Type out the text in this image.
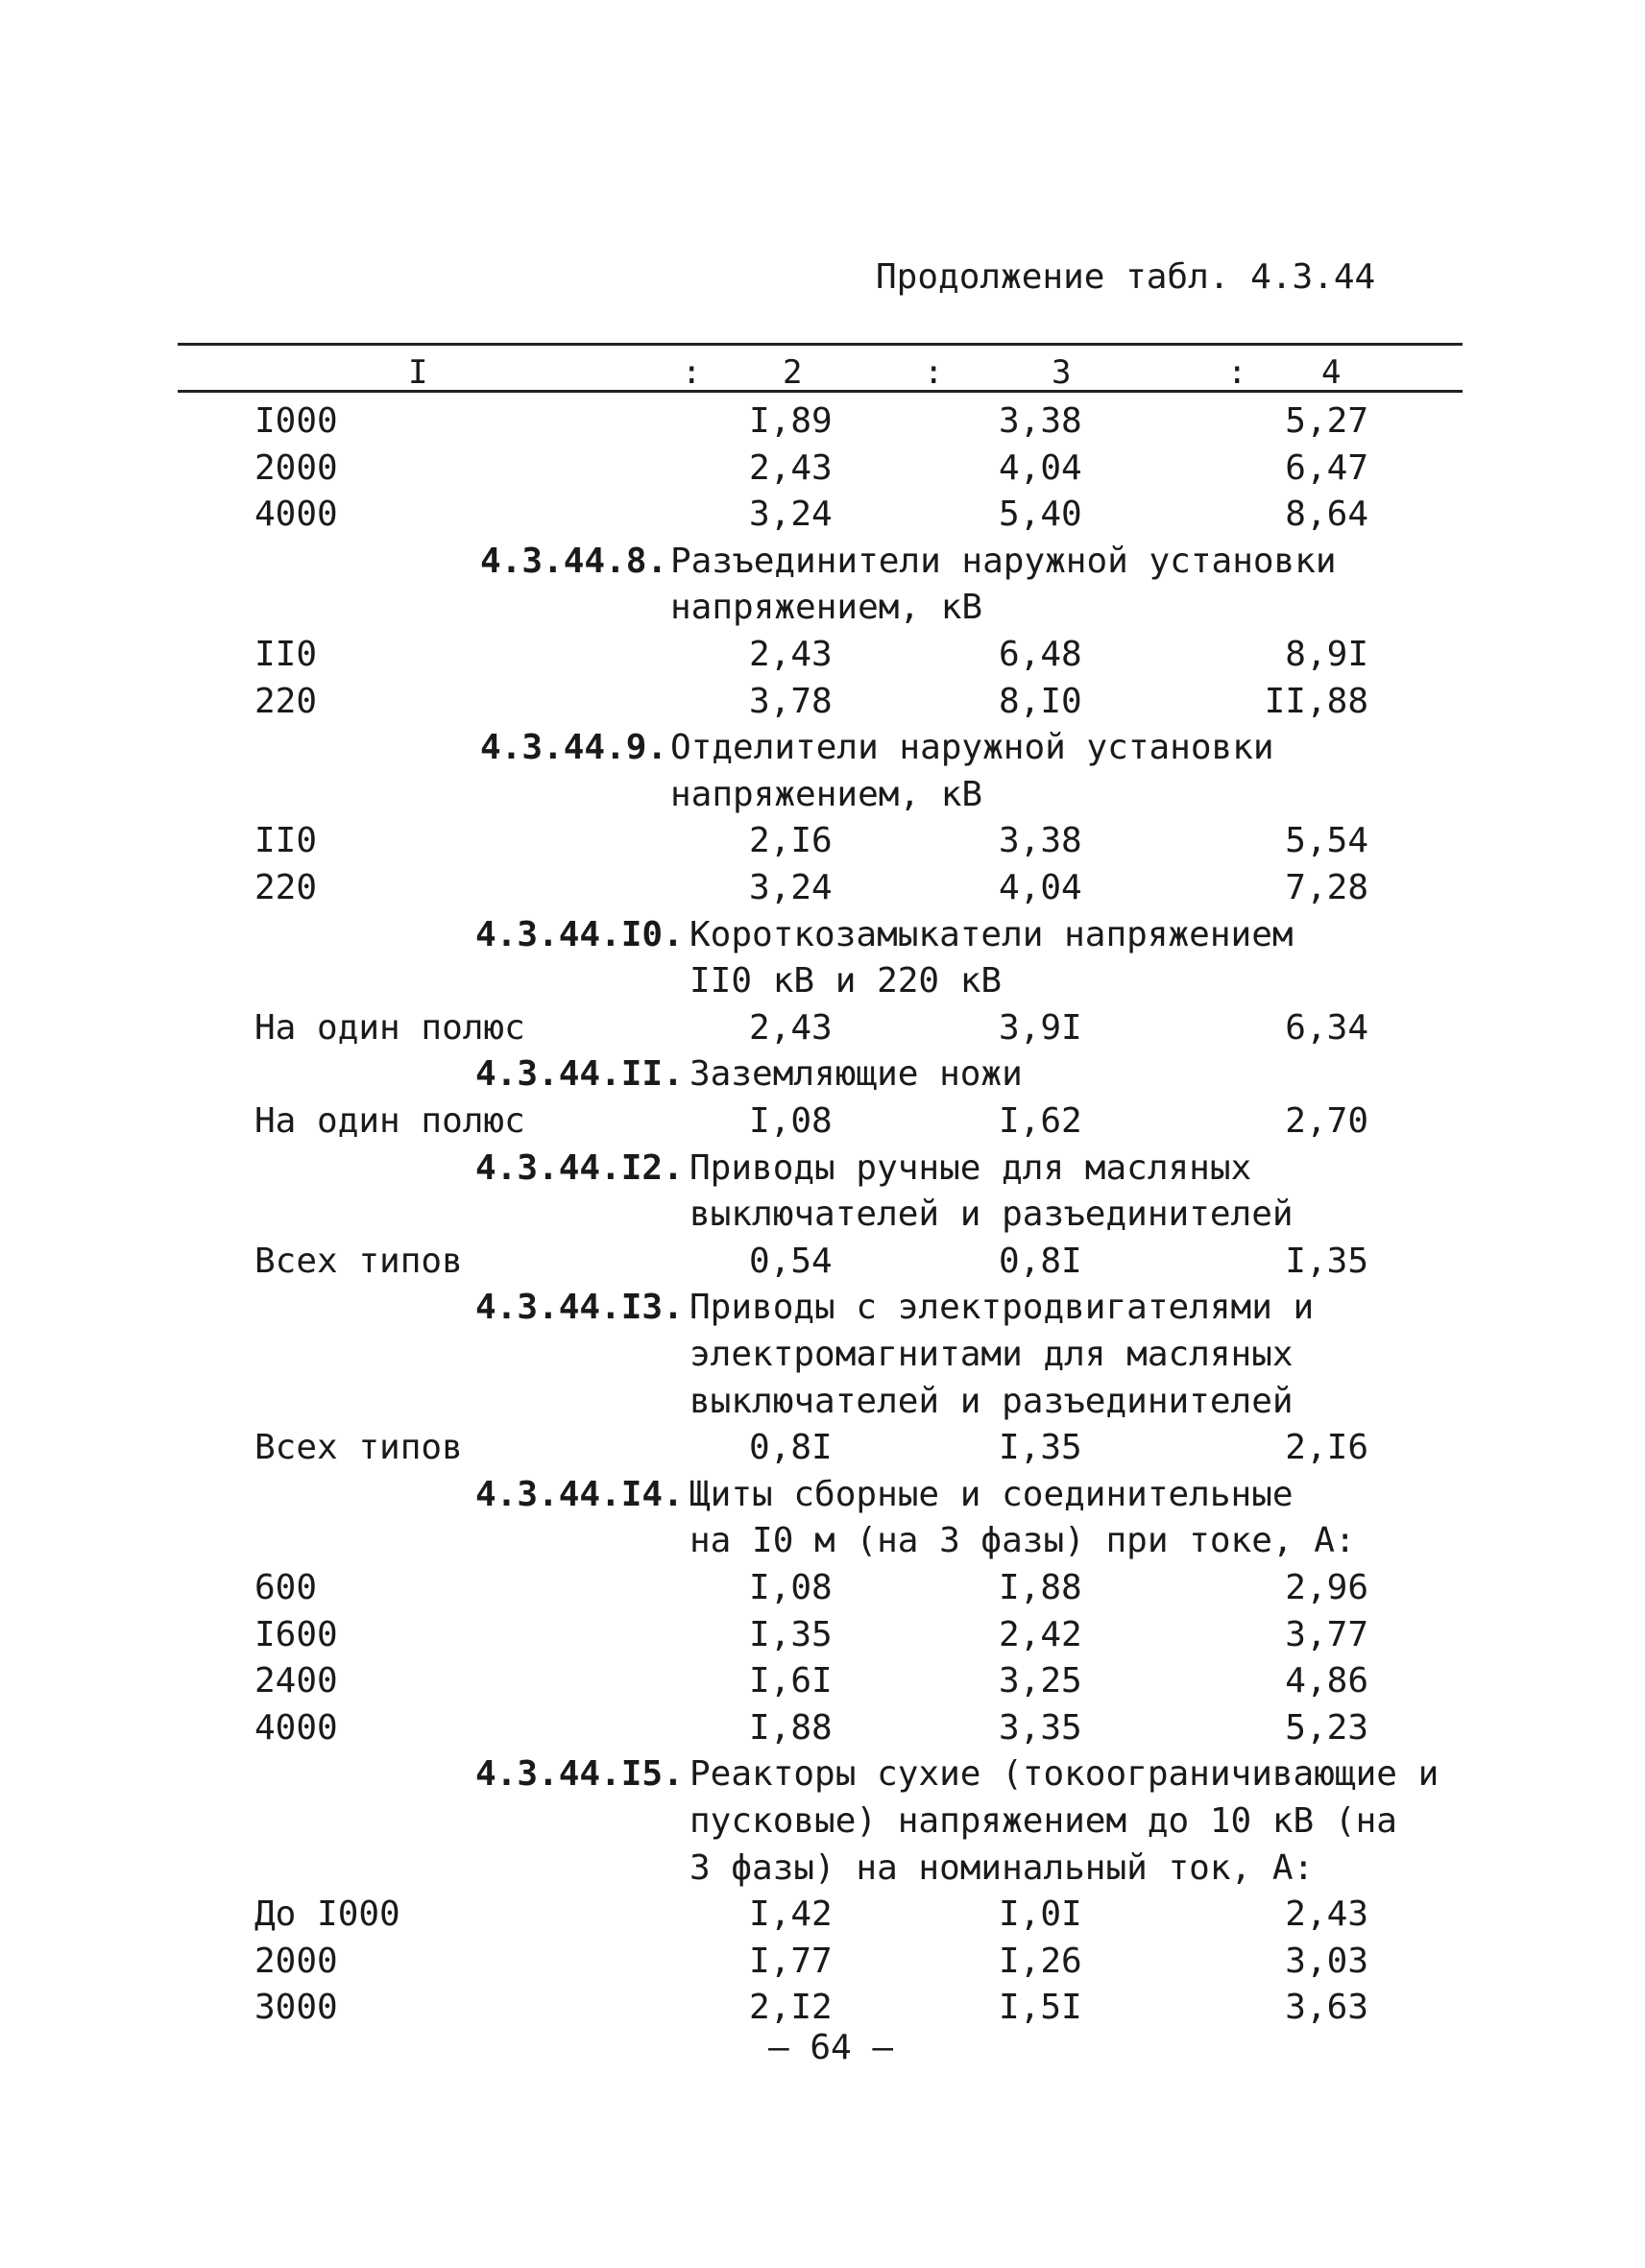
Продолжение табл. 4.3.44
I	: 2	:	3	: 4
I000	I,89	3,38	5,27
2000	2,43	4,04	6,47
4000	3,24	5,40	8,64
4.3.44.8. Разъединители наружной установки
напряжением, кВ
II0	2,43	6,48	8,9I
220	3,78	8,I0	II,88
4.3.44.9. Отделители наружной установки
напряжением, кВ
II0	2,I6	3,38	5,54
220	3,24	4,04	7,28
4.3.44.I0. Короткозамыкатели напряжением
II0 кВ и 220 кВ
На один полюс	2,43	3,9I	6,34
4.3.44.II. Заземляющие ножи
На один полюс	I,08	I,62	2,70
4.3.44.I2. Приводы ручные для масляных
выключателей и разъединителей
Всех типов	0,54	0,8I	I,35
4.3.44.I3. Приводы с электродвигателями и
электромагнитами для масляных
выключателей и разъединителей
Всех типов	0,8I	I,35	2,I6
4.3.44.I4. Щиты сборные и соединительные
на I0 м (на 3 фазы) при токе, А:
600	I,08	I,88	2,96
I600	I,35	2,42	3,77
2400	I,6I	3,25	4,86
4000	I,88	3,35	5,23
4.3.44.I5. Реакторы сухие (токоограничивающие и
пусковые) напряжением до 10 кВ (на
3 фазы) на номинальный ток, А:
До I000	I,42	I,0I	2,43
2000	I,77	I,26	3,03
3000	2,I2	I,5I	3,63
– 64 –
